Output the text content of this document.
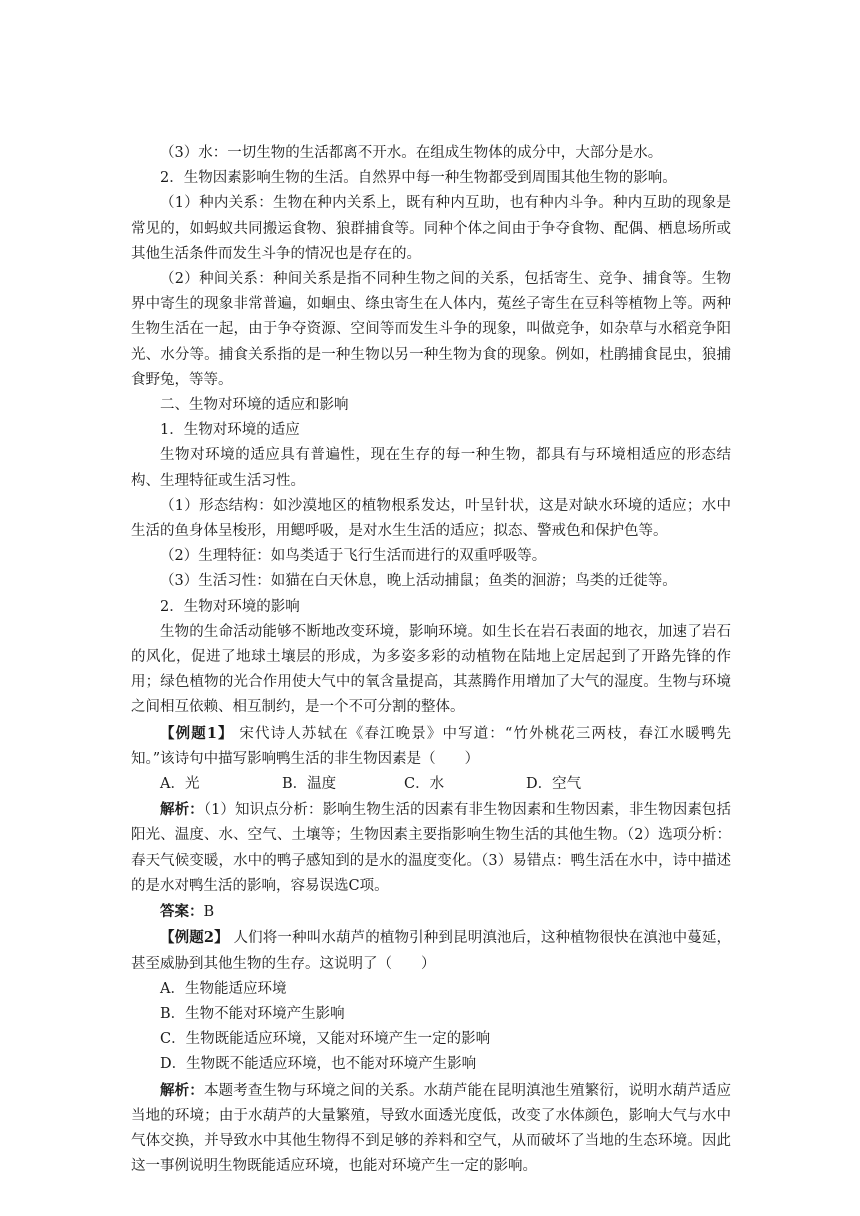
（3）水：一切生物的生活都离不开水。在组成生物体的成分中，大部分是水。

2．生物因素影响生物的生活。自然界中每一种生物都受到周围其他生物的影响。

（1）种内关系：生物在种内关系上，既有种内互助，也有种内斗争。种内互助的现象是常见的，如蚂蚁共同搬运食物、狼群捕食等。同种个体之间由于争夺食物、配偶、栖息场所或其他生活条件而发生斗争的情况也是存在的。

（2）种间关系：种间关系是指不同种生物之间的关系，包括寄生、竞争、捕食等。生物界中寄生的现象非常普遍，如蛔虫、绦虫寄生在人体内，菟丝子寄生在豆科等植物上等。两种生物生活在一起，由于争夺资源、空间等而发生斗争的现象，叫做竞争，如杂草与水稻竞争阳光、水分等。捕食关系指的是一种生物以另一种生物为食的现象。例如，杜鹃捕食昆虫，狼捕食野兔，等等。

二、生物对环境的适应和影响

1．生物对环境的适应

生物对环境的适应具有普遍性，现在生存的每一种生物，都具有与环境相适应的形态结构、生理特征或生活习性。

（1）形态结构：如沙漠地区的植物根系发达，叶呈针状，这是对缺水环境的适应；水中生活的鱼身体呈梭形，用鳃呼吸，是对水生生活的适应；拟态、警戒色和保护色等。

（2）生理特征：如鸟类适于飞行生活而进行的双重呼吸等。

（3）生活习性：如猫在白天休息，晚上活动捕鼠；鱼类的洄游；鸟类的迁徙等。

2．生物对环境的影响

生物的生命活动能够不断地改变环境，影响环境。如生长在岩石表面的地衣，加速了岩石的风化，促进了地球土壤层的形成，为多姿多彩的动植物在陆地上定居起到了开路先锋的作用；绿色植物的光合作用使大气中的氧含量提高，其蒸腾作用增加了大气的湿度。生物与环境之间相互依赖、相互制约，是一个不可分割的整体。

【例题1】 宋代诗人苏轼在《春江晚景》中写道：“竹外桃花三两枝，春江水暖鸭先知。”该诗句中描写影响鸭生活的非生物因素是（　　）

A．光	B．温度	C．水	D．空气

解析：（1）知识点分析：影响生物生活的因素有非生物因素和生物因素，非生物因素包括阳光、温度、水、空气、土壤等；生物因素主要指影响生物生活的其他生物。（2）选项分析：春天气候变暖，水中的鸭子感知到的是水的温度变化。（3）易错点：鸭生活在水中，诗中描述的是水对鸭生活的影响，容易误选C项。

答案：B

【例题2】 人们将一种叫水葫芦的植物引种到昆明滇池后，这种植物很快在滇池中蔓延，甚至威胁到其他生物的生存。这说明了（　　）

A．生物能适应环境

B．生物不能对环境产生影响

C．生物既能适应环境，又能对环境产生一定的影响

D．生物既不能适应环境，也不能对环境产生影响

解析：本题考查生物与环境之间的关系。水葫芦能在昆明滇池生殖繁衍，说明水葫芦适应当地的环境；由于水葫芦的大量繁殖，导致水面透光度低，改变了水体颜色，影响大气与水中气体交换，并导致水中其他生物得不到足够的养料和空气，从而破坏了当地的生态环境。因此这一事例说明生物既能适应环境，也能对环境产生一定的影响。
